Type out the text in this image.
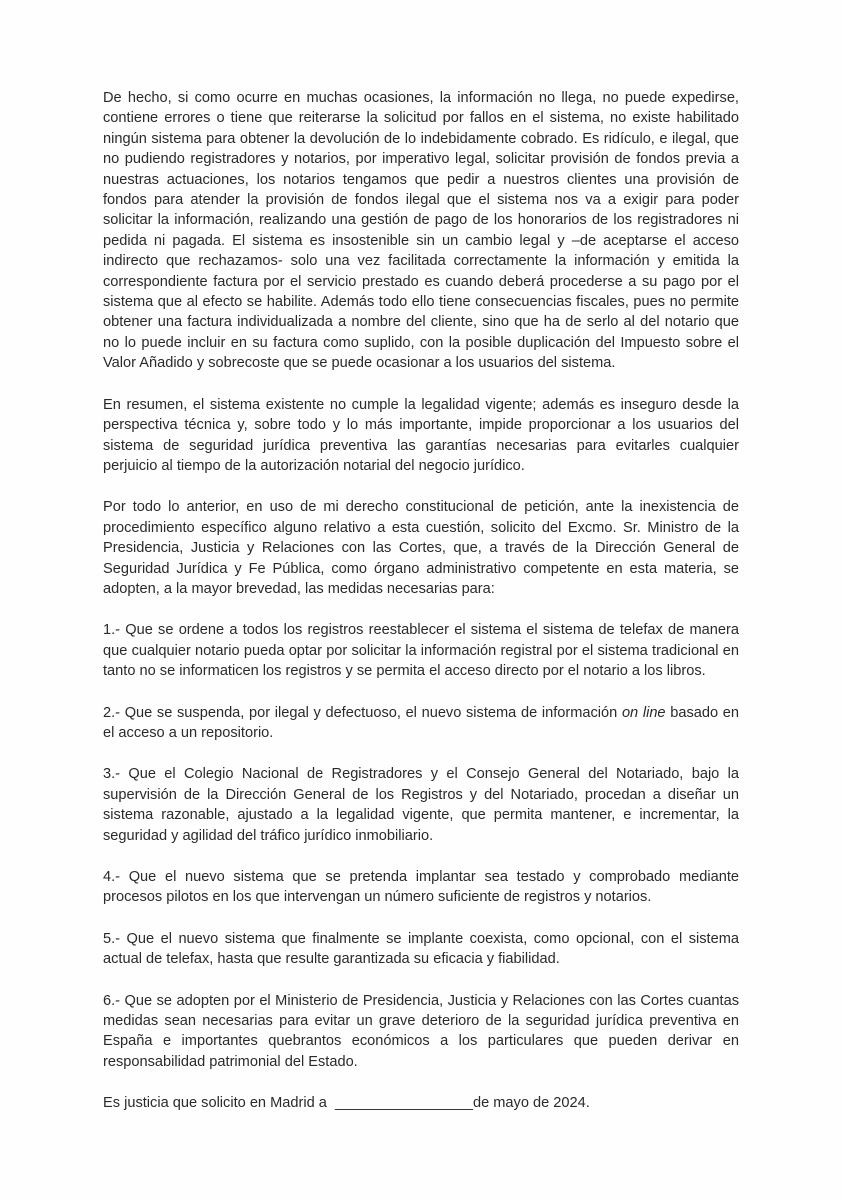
De hecho, si como ocurre en muchas ocasiones, la información no llega, no puede expedirse, contiene errores o tiene que reiterarse la solicitud por fallos en el sistema, no existe habilitado ningún sistema para obtener la devolución de lo indebidamente cobrado. Es ridículo, e ilegal, que no pudiendo registradores y notarios, por imperativo legal, solicitar provisión de fondos previa a nuestras actuaciones, los notarios tengamos que pedir a nuestros clientes una provisión de fondos para atender la provisión de fondos ilegal que el sistema nos va a exigir para poder solicitar la información, realizando una gestión de pago de los honorarios de los registradores ni pedida ni pagada. El sistema es insostenible sin un cambio legal y –de aceptarse el acceso indirecto que rechazamos- solo una vez facilitada correctamente la información y emitida la correspondiente factura por el servicio prestado es cuando deberá procederse a su pago por el sistema que al efecto se habilite. Además todo ello tiene consecuencias fiscales, pues no permite obtener una factura individualizada a nombre del cliente, sino que ha de serlo al del notario que no lo puede incluir en su factura como suplido, con la posible duplicación del Impuesto sobre el Valor Añadido y sobrecoste que se puede ocasionar a los usuarios del sistema.

En resumen, el sistema existente no cumple la legalidad vigente; además es inseguro desde la perspectiva técnica y, sobre todo y lo más importante, impide proporcionar a los usuarios del sistema de seguridad jurídica preventiva las garantías necesarias para evitarles cualquier perjuicio al tiempo de la autorización notarial del negocio jurídico.

Por todo lo anterior, en uso de mi derecho constitucional de petición, ante la inexistencia de procedimiento específico alguno relativo a esta cuestión, solicito del Excmo. Sr. Ministro de la Presidencia, Justicia y Relaciones con las Cortes, que, a través de la Dirección General de Seguridad Jurídica y Fe Pública, como órgano administrativo competente en esta materia, se adopten, a la mayor brevedad, las medidas necesarias para:

1.- Que se ordene a todos los registros reestablecer el sistema el sistema de telefax de manera que cualquier notario pueda optar por solicitar la información registral por el sistema tradicional en tanto no se informaticen los registros y se permita el acceso directo por el notario a los libros.

2.- Que se suspenda, por ilegal y defectuoso, el nuevo sistema de información on line basado en el acceso a un repositorio.

3.- Que el Colegio Nacional de Registradores y el Consejo General del Notariado, bajo la supervisión de la Dirección General de los Registros y del Notariado, procedan a diseñar un sistema razonable, ajustado a la legalidad vigente, que permita mantener, e incrementar, la seguridad y agilidad del tráfico jurídico inmobiliario.

4.- Que el nuevo sistema que se pretenda implantar sea testado y comprobado mediante procesos pilotos en los que intervengan un número suficiente de registros y notarios.

5.- Que el nuevo sistema que finalmente se implante coexista, como opcional, con el sistema actual de telefax, hasta que resulte garantizada su eficacia y fiabilidad.

6.- Que se adopten por el Ministerio de Presidencia, Justicia y Relaciones con las Cortes cuantas medidas sean necesarias para evitar un grave deterioro de la seguridad jurídica preventiva en España e importantes quebrantos económicos a los particulares que pueden derivar en responsabilidad patrimonial del Estado.

Es justicia que solicito en Madrid a  _________________de mayo de 2024.
